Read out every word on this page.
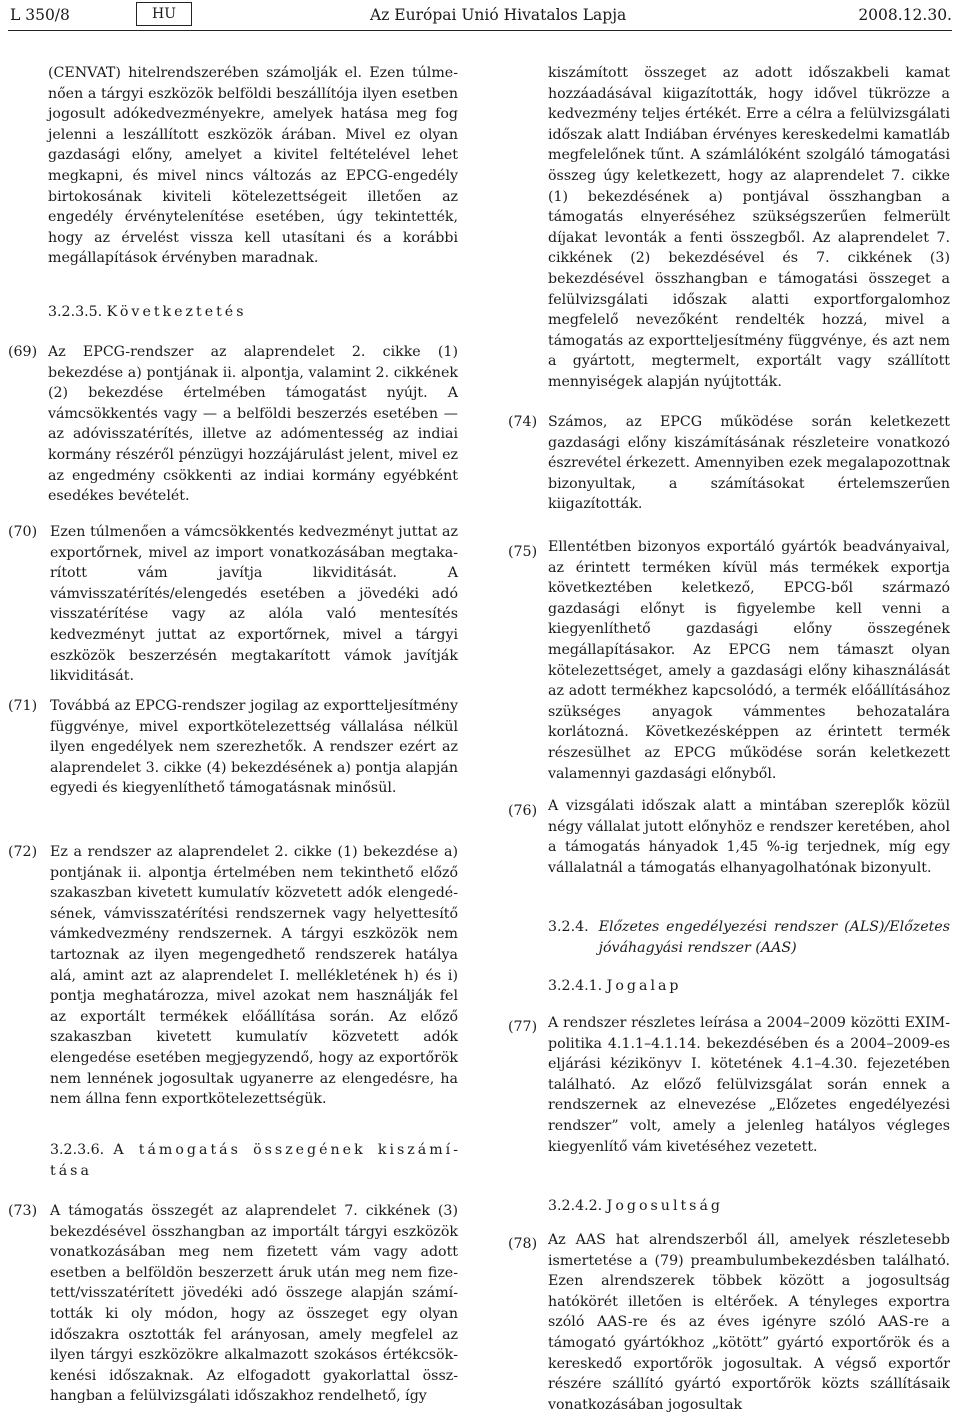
L 350/8	HU	Az Európai Unió Hivatalos Lapja	2008.12.30.
(CENVAT) hitelrendszerében számolják el. Ezen túlmenően a tárgyi eszközök belföldi beszállítója ilyen esetben jogosult adókedvezményekre, amelyek hatása meg fog jelenni a leszállított eszközök árában. Mivel ez olyan gazdasági előny, amelyet a kivitel feltételével lehet megkapni, és mivel nincs változás az EPCG-engedély birtokosának kiviteli kötelezettségeit illetően az engedély érvénytelenítése esetében, úgy tekintették, hogy az érvelést vissza kell utasítani és a korábbi megállapítások érvényben maradnak.
3.2.3.5. Következtetés
(69) Az EPCG-rendszer az alaprendelet 2. cikke (1) bekezdése a) pontjának ii. alpontja, valamint 2. cikkének (2) bekezdése értelmében támogatást nyújt. A vámcsökkentés vagy — a belföldi beszerzés esetében — az adóvisszatérítés, illetve az adómentesség az indiai kormány részéről pénzügyi hozzájárulást jelent, mivel ez az engedmény csökkenti az indiai kormány egyébként esedékes bevételét.
kiszámított összeget az adott időszakbeli kamat hozzáadásával kiigazították, hogy idővel tükrözze a kedvezmény teljes értékét. Erre a célra a felülvizsgálati időszak alatt Indiában érvényes kereskedelmi kamatláb megfelelőnek tűnt. A számlálóként szolgáló támogatási összeg úgy keletkezett, hogy az alaprendelet 7. cikke (1) bekezdésének a) pontjával összhangban a támogatás elnyeréséhez szükségszerűen felmerült díjakat levonták a fenti összegből. Az alaprendelet 7. cikkének (2) bekezdésével és 7. cikkének (3) bekezdésével összhangban e támogatási összeget a felülvizsgálati időszak alatti exportforgalomhoz megfelelő nevezőként rendelték hozzá, mivel a támogatás az exportteljesítmény függvénye, és azt nem a gyártott, megtermelt, exportált vagy szállított mennyiségek alapján nyújtották.
(74) Számos, az EPCG működése során keletkezett gazdasági előny kiszámításának részleteire vonatkozó észrevétel érkezett. Amennyiben ezek megalapozottnak bizonyultak, a számításokat értelemszerűen kiigazították.
(70) Ezen túlmenően a vámcsökkentés kedvezményt juttat az exportőrnek, mivel az import vonatkozásában megtakarított vám javítja likviditását. A vámvisszatérítés/elengedés esetében a jövedéki adó visszatérítése vagy az alóla való mentesítés kedvezményt juttat az exportőrnek, mivel a tárgyi eszközök beszerzésén megtakarított vámok javítják likviditását.
(71) Továbbá az EPCG-rendszer jogilag az exportteljesítmény függvénye, mivel exportkötelezettség vállalása nélkül ilyen engedélyek nem szerezhetők. A rendszer ezért az alaprendelet 3. cikke (4) bekezdésének a) pontja alapján egyedi és kiegyenlíthető támogatásnak minősül.
(72) Ez a rendszer az alaprendelet 2. cikke (1) bekezdése a) pontjának ii. alpontja értelmében nem tekinthető előző szakaszban kivetett kumulatív közvetett adók elengedésének, vámvisszatérítési rendszernek vagy helyettesítő vámkedvezmény rendszernek. A tárgyi eszközök nem tartoznak az ilyen megengedhető rendszerek hatálya alá, amint azt az alaprendelet I. mellékletének h) és i) pontja meghatározza, mivel azokat nem használják fel az exportált termékek előállítása során. Az előző szakaszban kivetett kumulatív közvetett adók elengedése esetében megjegyzendő, hogy az exportőrök nem lennének jogosultak ugyanerre az elengedésre, ha nem állna fenn exportkötelezettségük.
3.2.3.6. A támogatás összegének kiszámítása
(73) A támogatás összegét az alaprendelet 7. cikkének (3) bekezdésével összhangban az importált tárgyi eszközök vonatkozásában meg nem fizetett vám vagy adott esetben a belföldön beszerzett áruk után meg nem fizetett/visszatérített jövedéki adó összege alapján számították ki oly módon, hogy az összeget egy olyan időszakra osztották fel arányosan, amely megfelel az ilyen tárgyi eszközökre alkalmazott szokásos értékcsökkenési időszaknak. Az elfogadott gyakorlattal összhangban a felülvizsgálati időszakhoz rendelhető, így
(75) Ellentétben bizonyos exportáló gyártók beadványaival, az érintett terméken kívül más termékek exportja következtében keletkező, EPCG-ből származó gazdasági előnyt is figyelembe kell venni a kiegyenlíthető gazdasági előny összegének megállapításakor. Az EPCG nem támaszt olyan kötelezettséget, amely a gazdasági előny kihasználását az adott termékhez kapcsolódó, a termék előállításához szükséges anyagok vámmentes behozatalára korlátozná. Következésképpen az érintett termék részesülhet az EPCG működése során keletkezett valamennyi gazdasági előnyből.
(76) A vizsgálati időszak alatt a mintában szereplők közül négy vállalat jutott előnyhöz e rendszer keretében, ahol a támogatás hányadok 1,45 %-ig terjednek, míg egy vállalatnál a támogatás elhanyagolhatónak bizonyult.
3.2.4. Előzetes engedélyezési rendszer (ALS)/Előzetes jóváhagyási rendszer (AAS)
3.2.4.1. Jogalap
(77) A rendszer részletes leírása a 2004–2009 közötti EXIMpolitika 4.1.1–4.1.14. bekezdésében és a 2004–2009-es eljárási kézikönyv I. kötetének 4.1–4.30. fejezetében található. Az előző felülvizsgálat során ennek a rendszernek az elnevezése „Előzetes engedélyezési rendszer” volt, amely a jelenleg hatályos végleges kiegyenlítő vám kivetéséhez vezetett.
3.2.4.2. Jogosultság
(78) Az AAS hat alrendszerből áll, amelyek részletesebb ismertetése a (79) preambulumbekezdésben található. Ezen alrendszerek többek között a jogosultság hatókörét illetően is eltérőek. A tényleges exportra szóló AAS-re és az éves igényre szóló AAS-re a támogató gyártókhoz „kötött” gyártó exportőrök és a kereskedő exportőrök jogosultak. A végső exportőr részére szállító gyártó exportőrök közts szállításaik vonatkozásában jogosultak
